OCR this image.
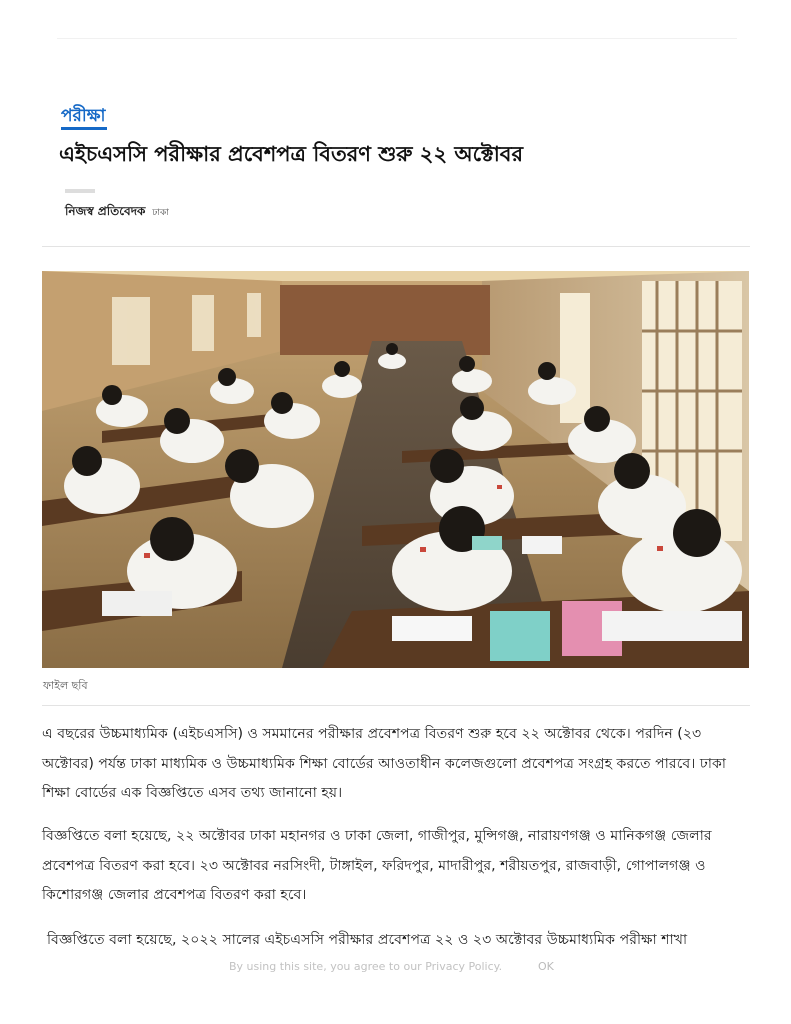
পরীক্ষা
এইচএসসি পরীক্ষার প্রবেশপত্র বিতরণ শুরু ২২ অক্টোবর
নিজস্ব প্রতিবেদক ঢাকা
ফাইল ছবি

এ বছরের উচ্চমাধ্যমিক (এইচএসসি) ও সমমানের পরীক্ষার প্রবেশপত্র বিতরণ শুরু হবে ২২ অক্টোবর থেকে। পরদিন (২৩ অক্টোবর) পর্যন্ত ঢাকা মাধ্যমিক ও উচ্চমাধ্যমিক শিক্ষা বোর্ডের আওতাধীন কলেজগুলো প্রবেশপত্র সংগ্রহ করতে পারবে। ঢাকা শিক্ষা বোর্ডের এক বিজ্ঞপ্তিতে এসব তথ্য জানানো হয়।

বিজ্ঞপ্তিতে বলা হয়েছে, ২২ অক্টোবর ঢাকা মহানগর ও ঢাকা জেলা, গাজীপুর, মুন্সিগঞ্জ, নারায়ণগঞ্জ ও মানিকগঞ্জ জেলার প্রবেশপত্র বিতরণ করা হবে। ২৩ অক্টোবর নরসিংদী, টাঙ্গাইল, ফরিদপুর, মাদারীপুর, শরীয়তপুর, রাজবাড়ী, গোপালগঞ্জ ও কিশোরগঞ্জ জেলার প্রবেশপত্র বিতরণ করা হবে।

বিজ্ঞপ্তিতে বলা হয়েছে, ২০২২ সালের এইচএসসি পরীক্ষার প্রবেশপত্র ২২ ও ২৩ অক্টোবর উচ্চমাধ্যমিক পরীক্ষা শাখা

By using this site, you agree to our Privacy Policy.	OK
